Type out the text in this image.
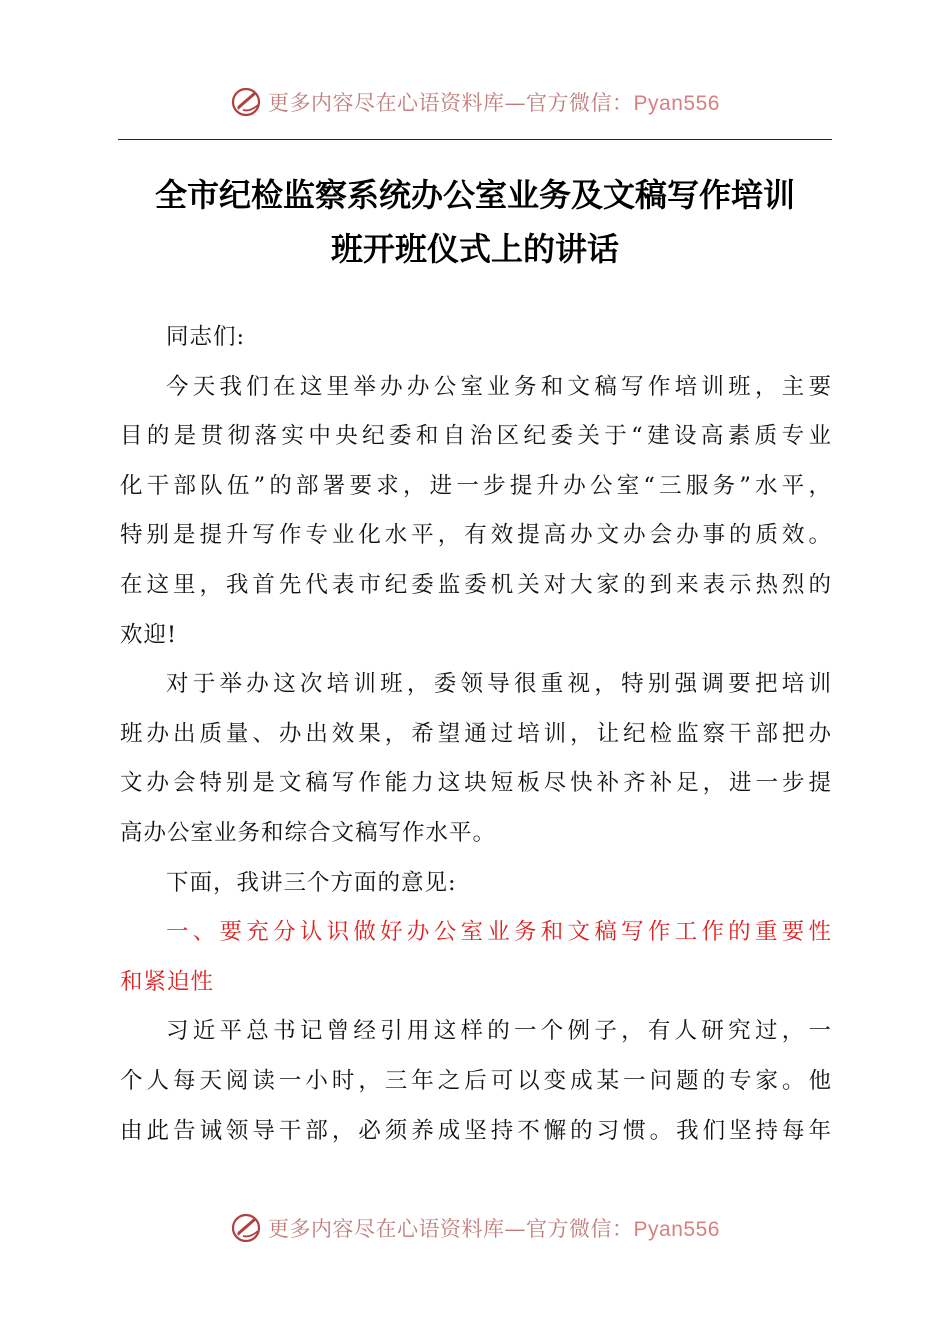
更多内容尽在心语资料库—官方微信：Pyan556
全市纪检监察系统办公室业务及文稿写作培训
班开班仪式上的讲话
同志们:
今天我们在这里举办办公室业务和文稿写作培训班，主要
目的是贯彻落实中央纪委和自治区纪委关于“建设高素质专业
化干部队伍”的部署要求，进一步提升办公室“三服务”水平，
特别是提升写作专业化水平，有效提高办文办会办事的质效。
在这里，我首先代表市纪委监委机关对大家的到来表示热烈的
欢迎!
对于举办这次培训班，委领导很重视，特别强调要把培训
班办出质量、办出效果，希望通过培训，让纪检监察干部把办
文办会特别是文稿写作能力这块短板尽快补齐补足，进一步提
高办公室业务和综合文稿写作水平。
下面，我讲三个方面的意见:
一、要充分认识做好办公室业务和文稿写作工作的重要性
和紧迫性
习近平总书记曾经引用这样的一个例子，有人研究过，一
个人每天阅读一小时，三年之后可以变成某一问题的专家。他
由此告诫领导干部，必须养成坚持不懈的习惯。我们坚持每年
更多内容尽在心语资料库—官方微信：Pyan556
